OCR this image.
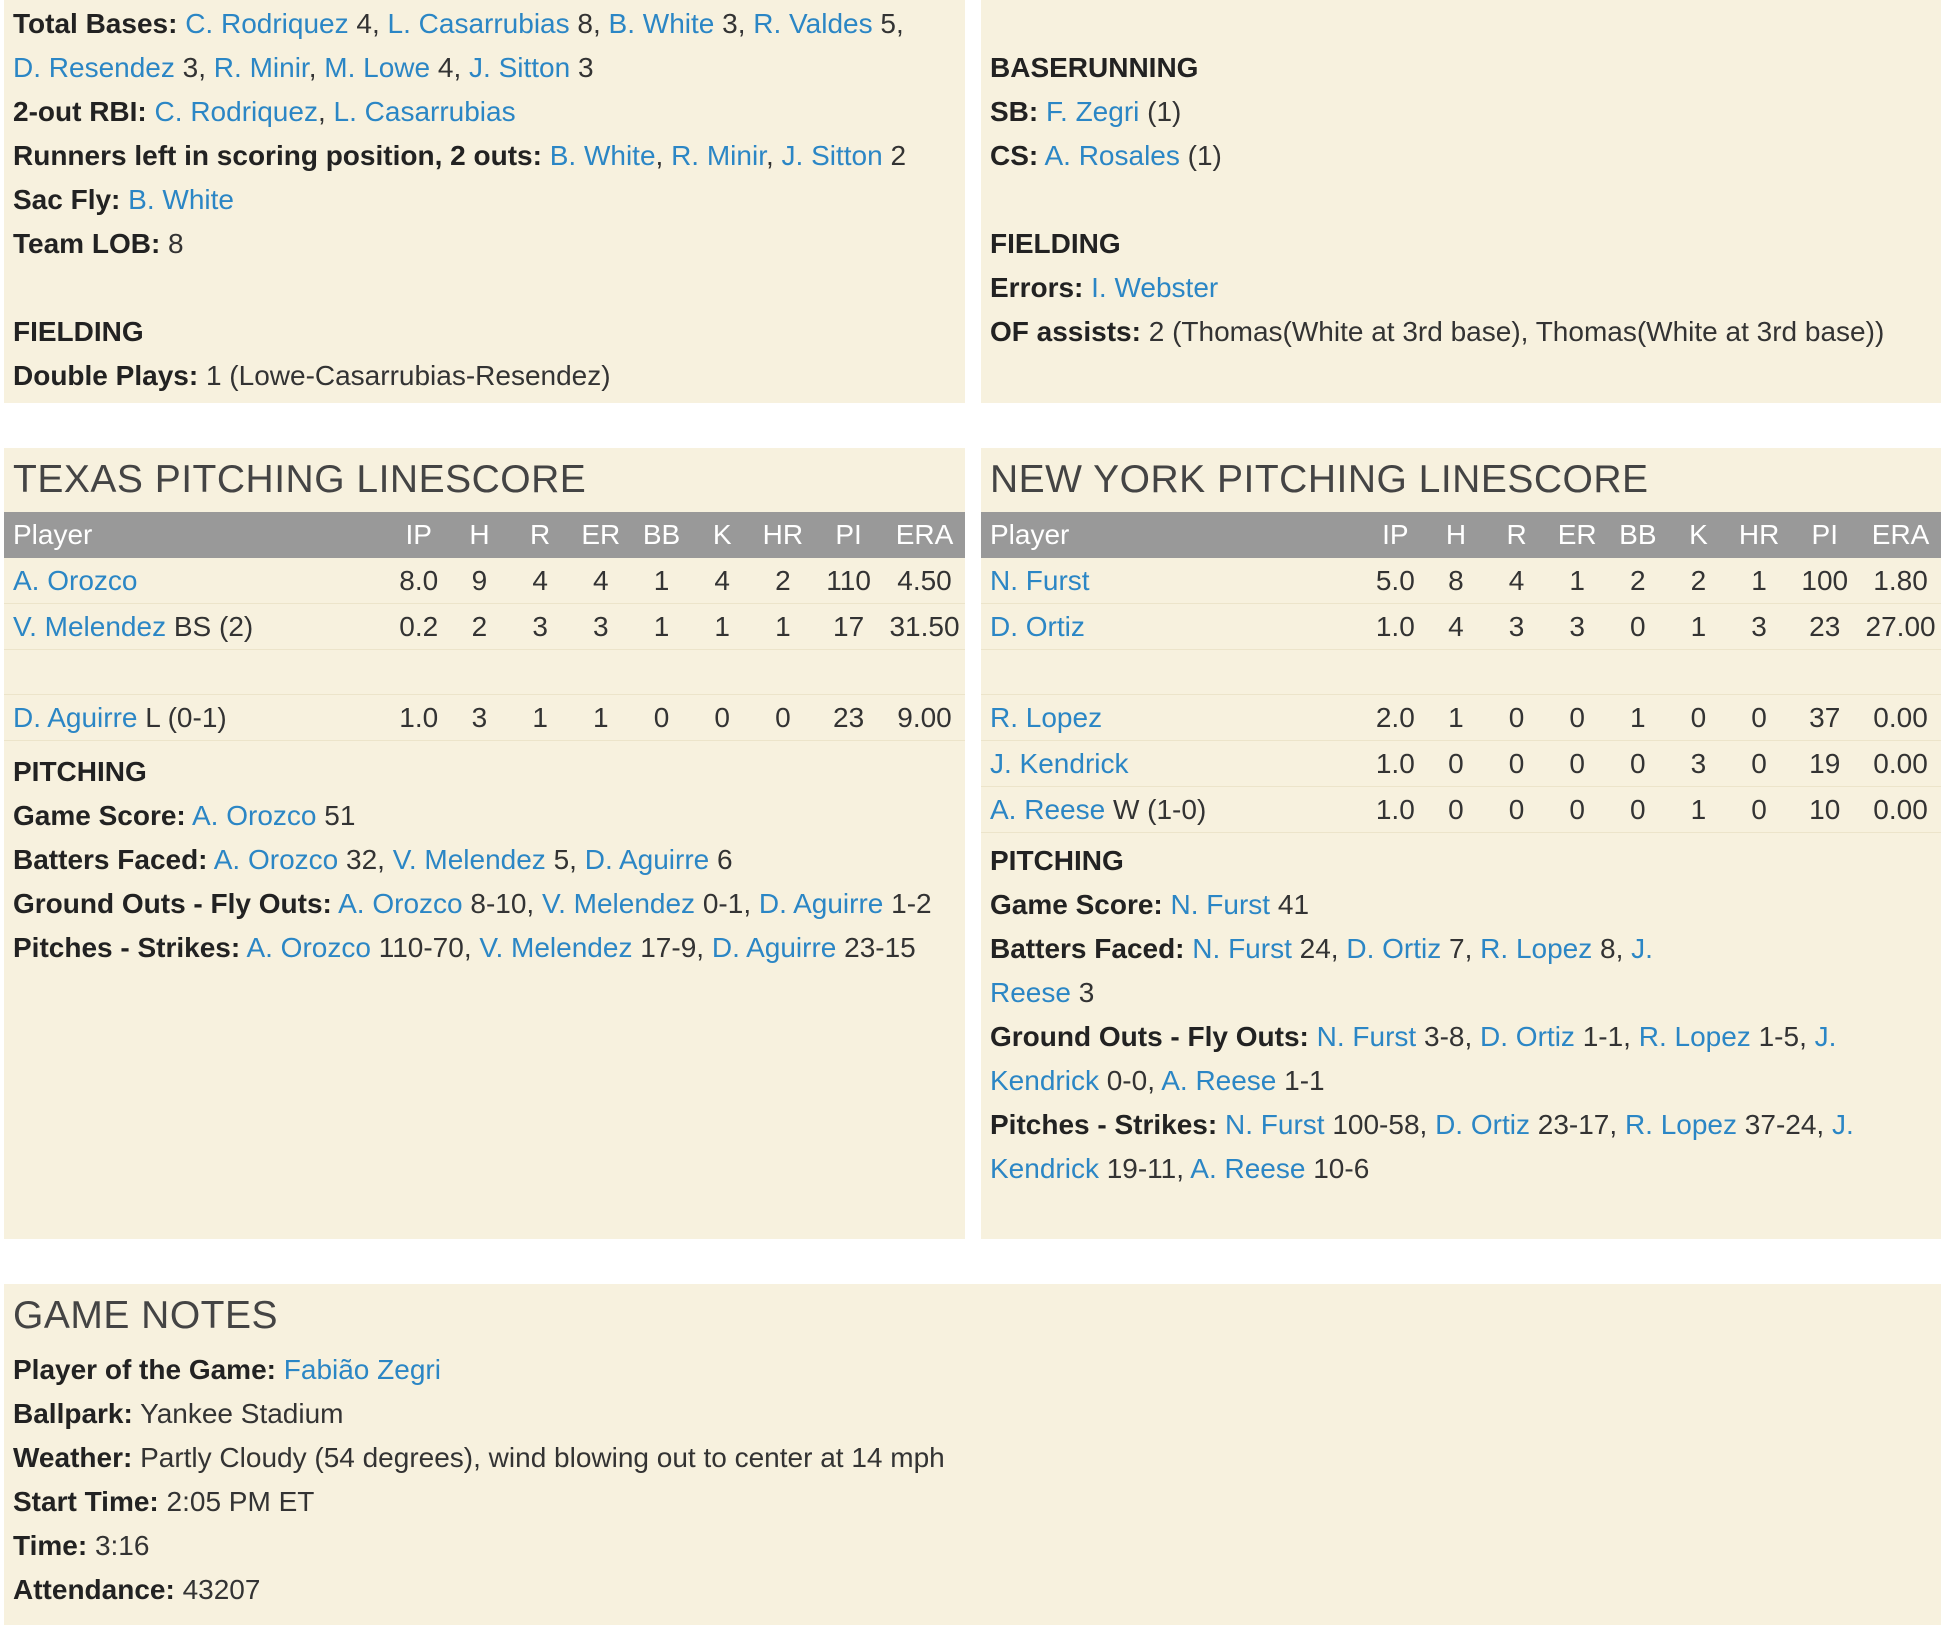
Total Bases: C. Rodriquez 4, L. Casarrubias 8, B. White 3, R. Valdes 5,
D. Resendez 3, R. Minir, M. Lowe 4, J. Sitton 3
2-out RBI: C. Rodriquez, L. Casarrubias
Runners left in scoring position, 2 outs: B. White, R. Minir, J. Sitton 2
Sac Fly: B. White
Team LOB: 8
FIELDING
Double Plays: 1 (Lowe-Casarrubias-Resendez)
BASERUNNING
SB: F. Zegri (1)
CS: A. Rosales (1)
FIELDING
Errors: I. Webster
OF assists: 2 (Thomas(White at 3rd base), Thomas(White at 3rd base))
TEXAS PITCHING LINESCORE
Player	IP	H	R	ER	BB	K	HR	PI	ERA
A. Orozco	8.0	9	4	4	1	4	2	110	4.50
V. Melendez BS (2)	0.2	2	3	3	1	1	1	17	31.50

D. Aguirre L (0-1)	1.0	3	1	1	0	0	0	23	9.00
PITCHING
Game Score: A. Orozco 51
Batters Faced: A. Orozco 32, V. Melendez 5, D. Aguirre 6
Ground Outs - Fly Outs: A. Orozco 8-10, V. Melendez 0-1, D. Aguirre 1-2
Pitches - Strikes: A. Orozco 110-70, V. Melendez 17-9, D. Aguirre 23-15
NEW YORK PITCHING LINESCORE
Player	IP	H	R	ER	BB	K	HR	PI	ERA
N. Furst	5.0	8	4	1	2	2	1	100	1.80
D. Ortiz	1.0	4	3	3	0	1	3	23	27.00

R. Lopez	2.0	1	0	0	1	0	0	37	0.00
J. Kendrick	1.0	0	0	0	0	3	0	19	0.00
A. Reese W (1-0)	1.0	0	0	0	0	1	0	10	0.00
PITCHING
Game Score: N. Furst 41
Batters Faced: N. Furst 24, D. Ortiz 7, R. Lopez 8, J.
Reese 3
Ground Outs - Fly Outs: N. Furst 3-8, D. Ortiz 1-1, R. Lopez 1-5, J.
Kendrick 0-0, A. Reese 1-1
Pitches - Strikes: N. Furst 100-58, D. Ortiz 23-17, R. Lopez 37-24, J.
Kendrick 19-11, A. Reese 10-6
GAME NOTES
Player of the Game: Fabião Zegri
Ballpark: Yankee Stadium
Weather: Partly Cloudy (54 degrees), wind blowing out to center at 14 mph
Start Time: 2:05 PM ET
Time: 3:16
Attendance: 43207
